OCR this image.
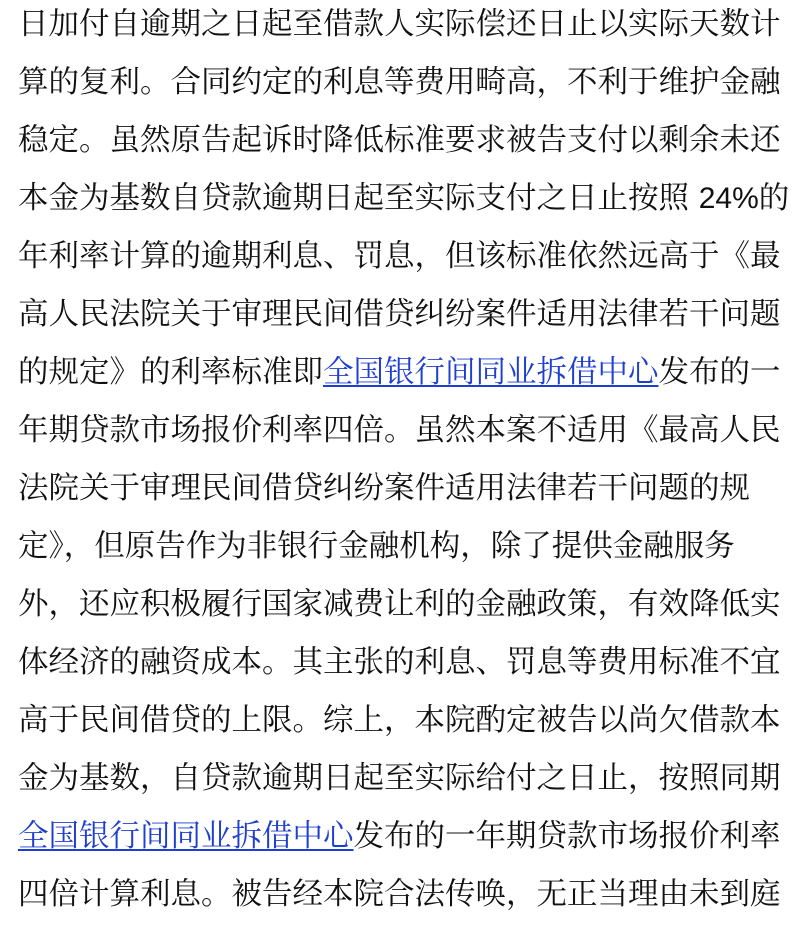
日加付自逾期之日起至借款人实际偿还日止以实际天数计
算的复利。合同约定的利息等费用畸高，不利于维护金融
稳定。虽然原告起诉时降低标准要求被告支付以剩余未还
本金为基数自贷款逾期日起至实际支付之日止按照 24%的
年利率计算的逾期利息、罚息，但该标准依然远高于《最
高人民法院关于审理民间借贷纠纷案件适用法律若干问题
的规定》的利率标准即全国银行间同业拆借中心发布的一
年期贷款市场报价利率四倍。虽然本案不适用《最高人民
法院关于审理民间借贷纠纷案件适用法律若干问题的规
定》，但原告作为非银行金融机构，除了提供金融服务
外，还应积极履行国家减费让利的金融政策，有效降低实
体经济的融资成本。其主张的利息、罚息等费用标准不宜
高于民间借贷的上限。综上，本院酌定被告以尚欠借款本
金为基数，自贷款逾期日起至实际给付之日止，按照同期
全国银行间同业拆借中心发布的一年期贷款市场报价利率
四倍计算利息。被告经本院合法传唤，无正当理由未到庭
